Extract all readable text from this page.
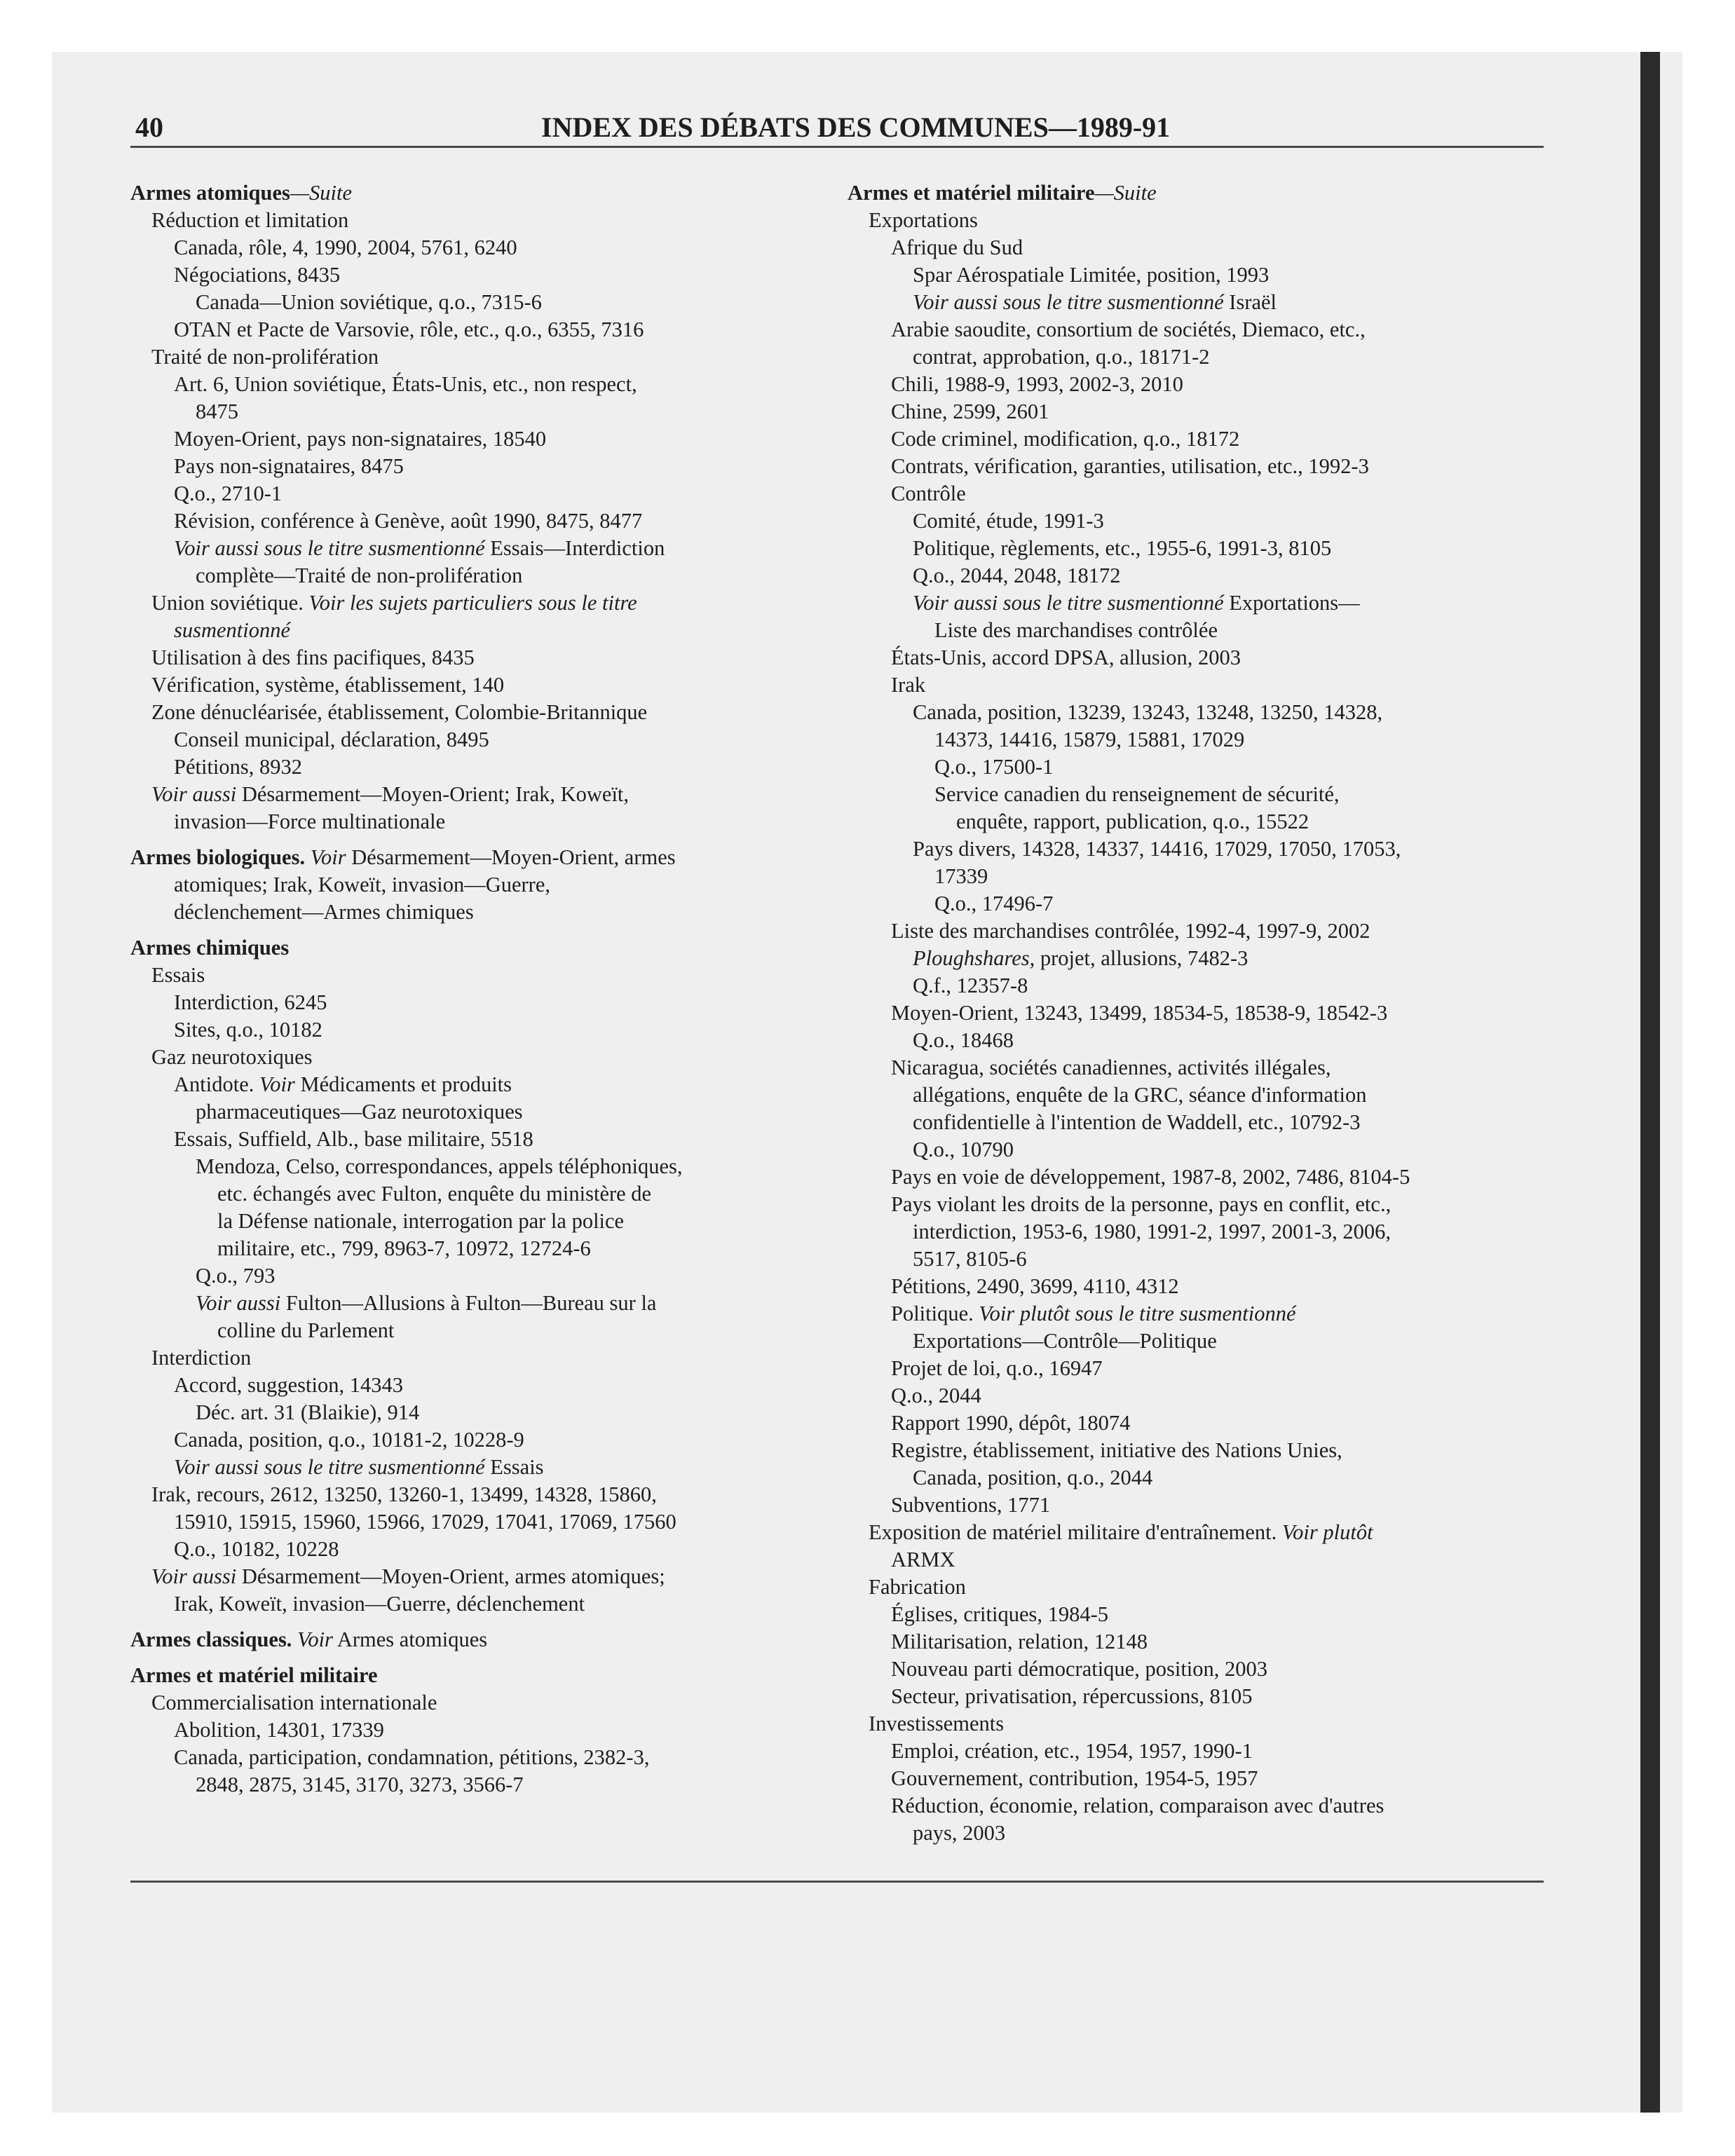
40	INDEX DES DÉBATS DES COMMUNES—1989-91
Armes atomiques—Suite
Réduction et limitation
Canada, rôle, 4, 1990, 2004, 5761, 6240
Négociations, 8435
Canada—Union soviétique, q.o., 7315-6
OTAN et Pacte de Varsovie, rôle, etc., q.o., 6355, 7316
Traité de non-prolifération
Art. 6, Union soviétique, États-Unis, etc., non respect,
8475
Moyen-Orient, pays non-signataires, 18540
Pays non-signataires, 8475
Q.o., 2710-1
Révision, conférence à Genève, août 1990, 8475, 8477
Voir aussi sous le titre susmentionné Essais—Interdiction
complète—Traité de non-prolifération
Union soviétique. Voir les sujets particuliers sous le titre
susmentionné
Utilisation à des fins pacifiques, 8435
Vérification, système, établissement, 140
Zone dénucléarisée, établissement, Colombie-Britannique
Conseil municipal, déclaration, 8495
Pétitions, 8932
Voir aussi Désarmement—Moyen-Orient; Irak, Koweït,
invasion—Force multinationale
Armes biologiques. Voir Désarmement—Moyen-Orient, armes
atomiques; Irak, Koweït, invasion—Guerre,
déclenchement—Armes chimiques
Armes chimiques
Essais
Interdiction, 6245
Sites, q.o., 10182
Gaz neurotoxiques
Antidote. Voir Médicaments et produits
pharmaceutiques—Gaz neurotoxiques
Essais, Suffield, Alb., base militaire, 5518
Mendoza, Celso, correspondances, appels téléphoniques,
etc. échangés avec Fulton, enquête du ministère de
la Défense nationale, interrogation par la police
militaire, etc., 799, 8963-7, 10972, 12724-6
Q.o., 793
Voir aussi Fulton—Allusions à Fulton—Bureau sur la
colline du Parlement
Interdiction
Accord, suggestion, 14343
Déc. art. 31 (Blaikie), 914
Canada, position, q.o., 10181-2, 10228-9
Voir aussi sous le titre susmentionné Essais
Irak, recours, 2612, 13250, 13260-1, 13499, 14328, 15860,
15910, 15915, 15960, 15966, 17029, 17041, 17069, 17560
Q.o., 10182, 10228
Voir aussi Désarmement—Moyen-Orient, armes atomiques;
Irak, Koweït, invasion—Guerre, déclenchement
Armes classiques. Voir Armes atomiques
Armes et matériel militaire
Commercialisation internationale
Abolition, 14301, 17339
Canada, participation, condamnation, pétitions, 2382-3,
2848, 2875, 3145, 3170, 3273, 3566-7
Armes et matériel militaire—Suite
Exportations
Afrique du Sud
Spar Aérospatiale Limitée, position, 1993
Voir aussi sous le titre susmentionné Israël
Arabie saoudite, consortium de sociétés, Diemaco, etc.,
contrat, approbation, q.o., 18171-2
Chili, 1988-9, 1993, 2002-3, 2010
Chine, 2599, 2601
Code criminel, modification, q.o., 18172
Contrats, vérification, garanties, utilisation, etc., 1992-3
Contrôle
Comité, étude, 1991-3
Politique, règlements, etc., 1955-6, 1991-3, 8105
Q.o., 2044, 2048, 18172
Voir aussi sous le titre susmentionné Exportations—
Liste des marchandises contrôlée
États-Unis, accord DPSA, allusion, 2003
Irak
Canada, position, 13239, 13243, 13248, 13250, 14328,
14373, 14416, 15879, 15881, 17029
Q.o., 17500-1
Service canadien du renseignement de sécurité,
enquête, rapport, publication, q.o., 15522
Pays divers, 14328, 14337, 14416, 17029, 17050, 17053,
17339
Q.o., 17496-7
Liste des marchandises contrôlée, 1992-4, 1997-9, 2002
Ploughshares, projet, allusions, 7482-3
Q.f., 12357-8
Moyen-Orient, 13243, 13499, 18534-5, 18538-9, 18542-3
Q.o., 18468
Nicaragua, sociétés canadiennes, activités illégales,
allégations, enquête de la GRC, séance d'information
confidentielle à l'intention de Waddell, etc., 10792-3
Q.o., 10790
Pays en voie de développement, 1987-8, 2002, 7486, 8104-5
Pays violant les droits de la personne, pays en conflit, etc.,
interdiction, 1953-6, 1980, 1991-2, 1997, 2001-3, 2006,
5517, 8105-6
Pétitions, 2490, 3699, 4110, 4312
Politique. Voir plutôt sous le titre susmentionné
Exportations—Contrôle—Politique
Projet de loi, q.o., 16947
Q.o., 2044
Rapport 1990, dépôt, 18074
Registre, établissement, initiative des Nations Unies,
Canada, position, q.o., 2044
Subventions, 1771
Exposition de matériel militaire d'entraînement. Voir plutôt
ARMX
Fabrication
Églises, critiques, 1984-5
Militarisation, relation, 12148
Nouveau parti démocratique, position, 2003
Secteur, privatisation, répercussions, 8105
Investissements
Emploi, création, etc., 1954, 1957, 1990-1
Gouvernement, contribution, 1954-5, 1957
Réduction, économie, relation, comparaison avec d'autres
pays, 2003
